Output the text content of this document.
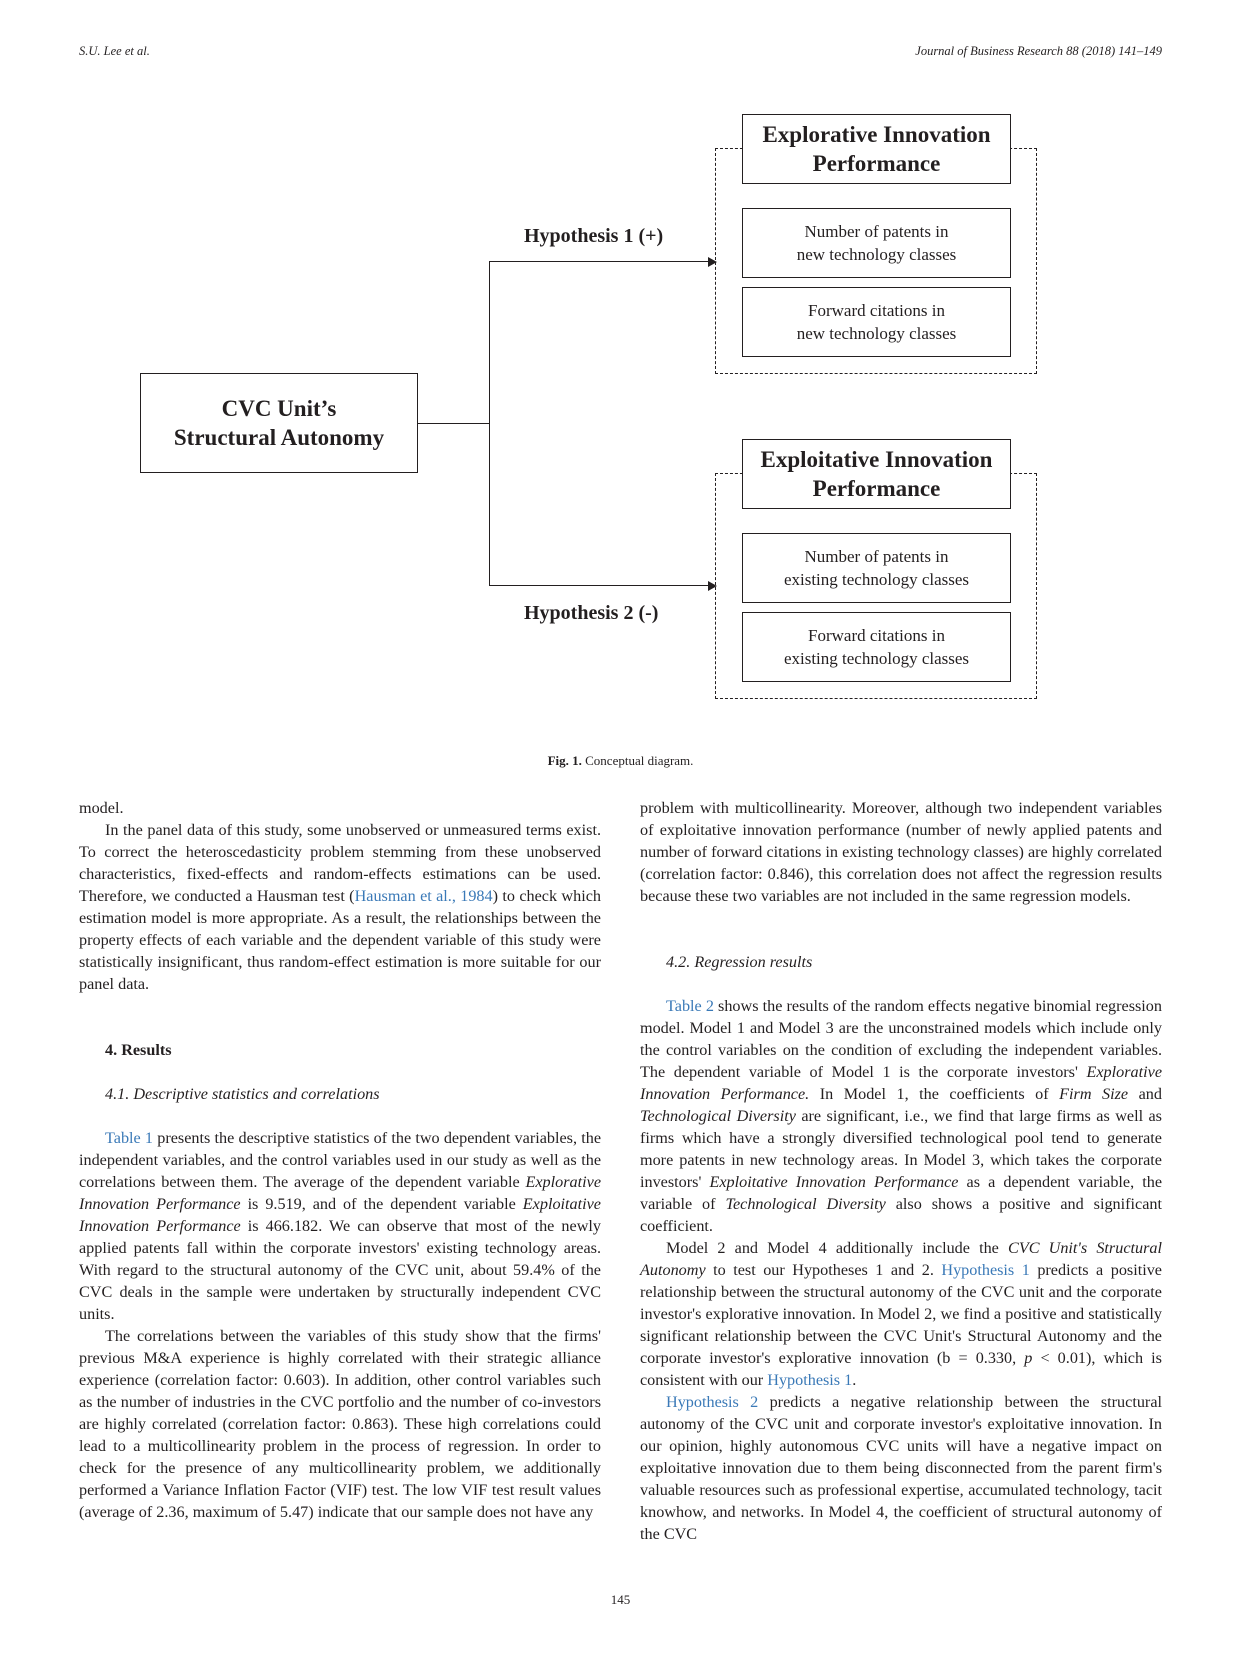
S.U. Lee et al.	Journal of Business Research 88 (2018) 141–149
CVC Unit’s
Structural Autonomy
Hypothesis 1 (+)
Hypothesis 2 (-)
Explorative Innovation
Performance
Number of patents in
new technology classes
Forward citations in
new technology classes
Exploitative Innovation
Performance
Number of patents in
existing technology classes
Forward citations in
existing technology classes
Fig. 1. Conceptual diagram.

model.

In the panel data of this study, some unobserved or unmeasured terms exist. To correct the heteroscedasticity problem stemming from these unobserved characteristics, fixed-effects and random-effects estimations can be used. Therefore, we conducted a Hausman test (Hausman et al., 1984) to check which estimation model is more appropriate. As a result, the relationships between the property effects of each variable and the dependent variable of this study were statistically insignificant, thus random-effect estimation is more suitable for our panel data.

4. Results

4.1. Descriptive statistics and correlations

Table 1 presents the descriptive statistics of the two dependent variables, the independent variables, and the control variables used in our study as well as the correlations between them. The average of the dependent variable Explorative Innovation Performance is 9.519, and of the dependent variable Exploitative Innovation Performance is 466.182. We can observe that most of the newly applied patents fall within the corporate investors' existing technology areas. With regard to the structural autonomy of the CVC unit, about 59.4% of the CVC deals in the sample were undertaken by structurally independent CVC units.

The correlations between the variables of this study show that the firms' previous M&A experience is highly correlated with their strategic alliance experience (correlation factor: 0.603). In addition, other control variables such as the number of industries in the CVC portfolio and the number of co-investors are highly correlated (correlation factor: 0.863). These high correlations could lead to a multicollinearity problem in the process of regression. In order to check for the presence of any multicollinearity problem, we additionally performed a Variance Inflation Factor (VIF) test. The low VIF test result values (average of 2.36, maximum of 5.47) indicate that our sample does not have any

problem with multicollinearity. Moreover, although two independent variables of exploitative innovation performance (number of newly applied patents and number of forward citations in existing technology classes) are highly correlated (correlation factor: 0.846), this correlation does not affect the regression results because these two variables are not included in the same regression models.

4.2. Regression results

Table 2 shows the results of the random effects negative binomial regression model. Model 1 and Model 3 are the unconstrained models which include only the control variables on the condition of excluding the independent variables. The dependent variable of Model 1 is the corporate investors' Explorative Innovation Performance. In Model 1, the coefficients of Firm Size and Technological Diversity are significant, i.e., we find that large firms as well as firms which have a strongly diversified technological pool tend to generate more patents in new technology areas. In Model 3, which takes the corporate investors' Exploitative Innovation Performance as a dependent variable, the variable of Technological Diversity also shows a positive and significant coefficient.

Model 2 and Model 4 additionally include the CVC Unit's Structural Autonomy to test our Hypotheses 1 and 2. Hypothesis 1 predicts a positive relationship between the structural autonomy of the CVC unit and the corporate investor's explorative innovation. In Model 2, we find a positive and statistically significant relationship between the CVC Unit's Structural Autonomy and the corporate investor's explorative innovation (b = 0.330, p < 0.01), which is consistent with our Hypothesis 1.

Hypothesis 2 predicts a negative relationship between the structural autonomy of the CVC unit and corporate investor's exploitative innovation. In our opinion, highly autonomous CVC units will have a negative impact on exploitative innovation due to them being disconnected from the parent firm's valuable resources such as professional expertise, accumulated technology, tacit knowhow, and networks. In Model 4, the coefficient of structural autonomy of the CVC

145
